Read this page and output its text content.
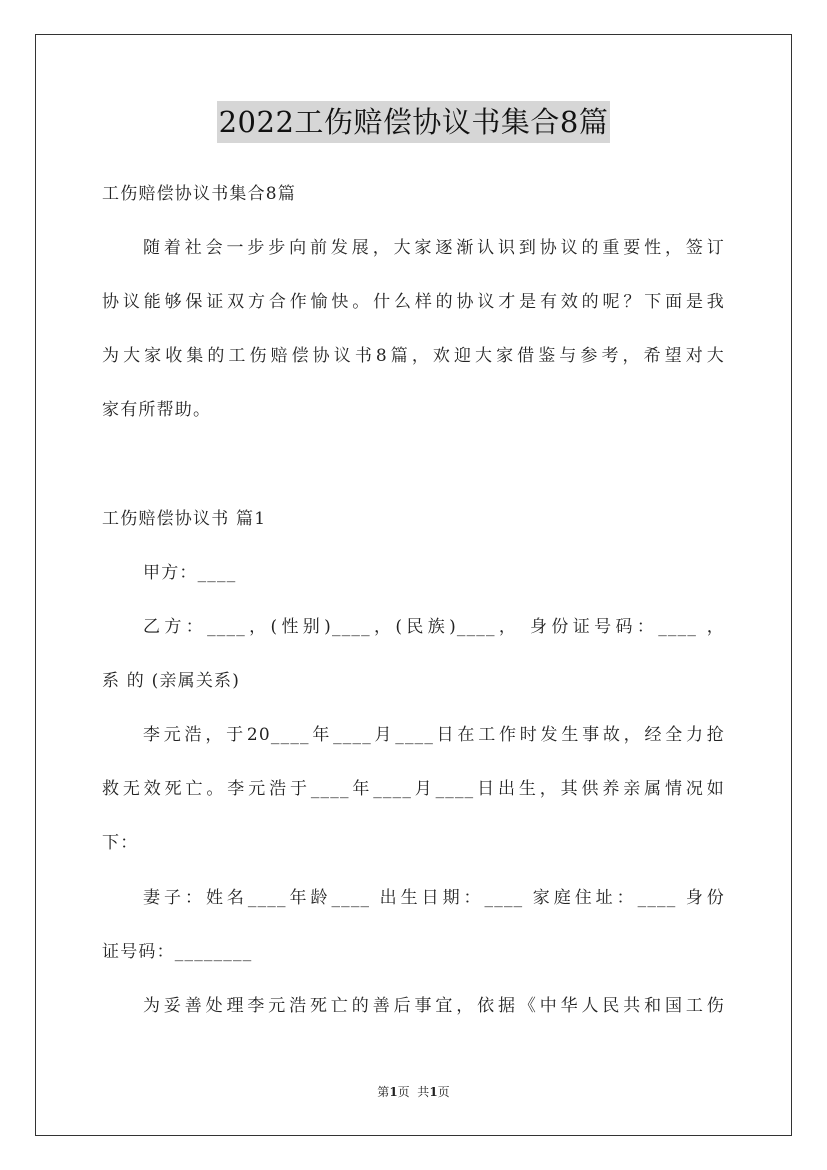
2022工伤赔偿协议书集合8篇
工伤赔偿协议书集合8篇
随着社会一步步向前发展，大家逐渐认识到协议的重要性，签订
协议能够保证双方合作愉快。什么样的协议才是有效的呢？下面是我
为大家收集的工伤赔偿协议书8篇，欢迎大家借鉴与参考，希望对大
家有所帮助。
工伤赔偿协议书 篇1
甲方：____
乙方：____，(性别)____，(民族)____， 身份证号码：____ ，
系 的 (亲属关系)
李元浩，于20____年____月____日在工作时发生事故，经全力抢
救无效死亡。李元浩于____年____月____日出生，其供养亲属情况如
下：
妻子：姓名____年龄____ 出生日期：____ 家庭住址：____ 身份
证号码：________
为妥善处理李元浩死亡的善后事宜，依据《中华人民共和国工伤
第1页  共1页
